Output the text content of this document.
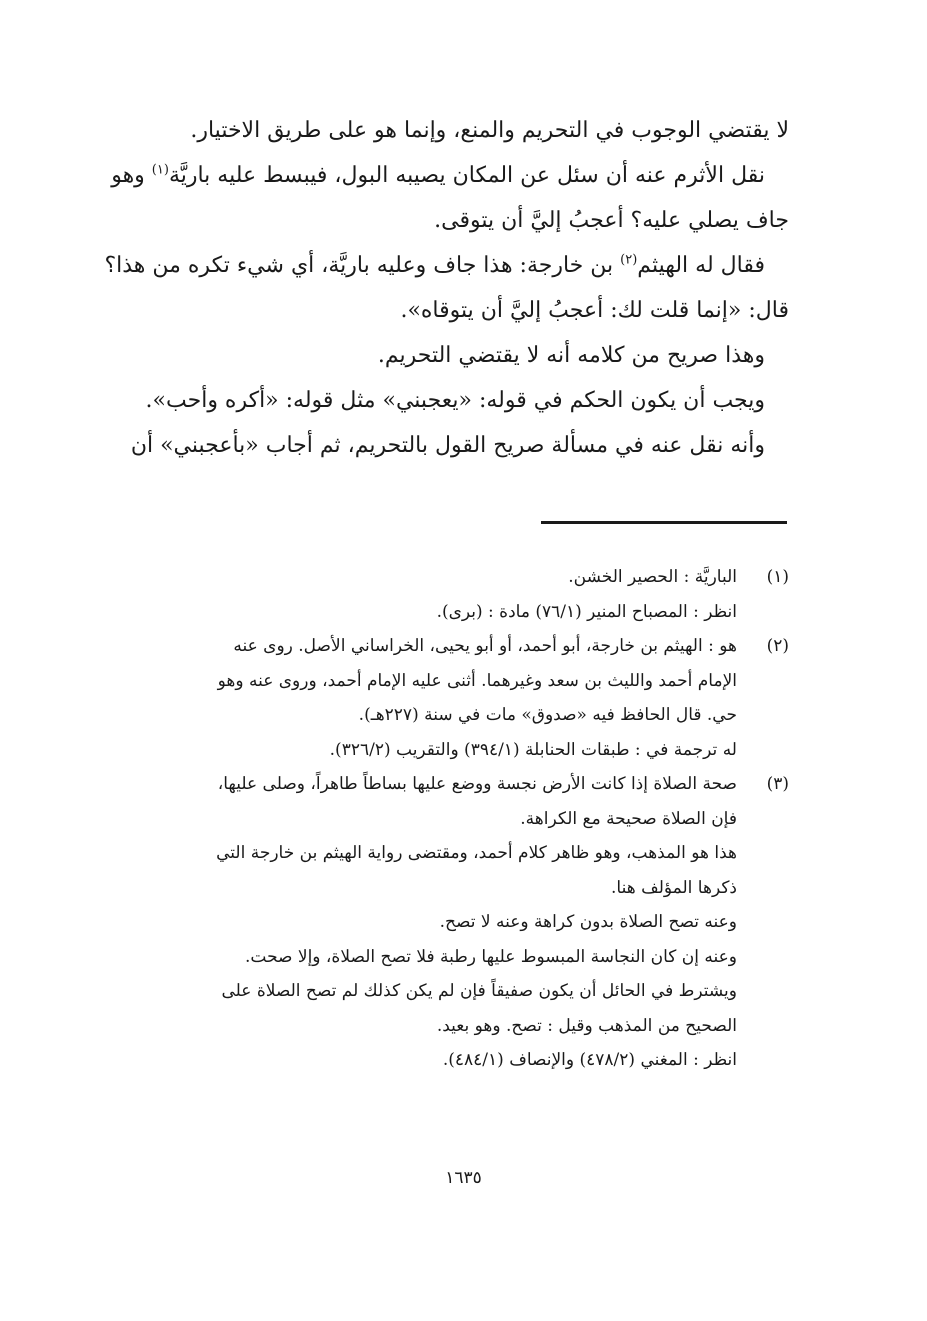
لا يقتضي الوجوب في التحريم والمنع، وإنما هو على طريق الاختيار.
نقل الأثرم عنه أن سئل عن المكان يصيبه البول، فيبسط عليه باريَّة$^{(١)}$ وهو
جاف يصلي عليه؟ أعجبُ إليَّ أن يتوقى.
فقال له الهيثم$^{(٢)}$ بن خارجة: هذا جاف وعليه باريَّة، أي شيء تكره من هذا؟
قال: «إنما قلت لك: أعجبُ إليَّ أن يتوقاه».
وهذا صريح من كلامه أنه لا يقتضي التحريم.
ويجب أن يكون الحكم في قوله: «يعجبني» مثل قوله: «أكره وأحب».
وأنه نقل عنه في مسألة صريح القول بالتحريم، ثم أجاب «بأعجبني» أن
(١)الباريَّة : الحصير الخشن.
انظر : المصباح المنير (٧٦/١) مادة : (برى).
(٢)هو : الهيثم بن خارجة، أبو أحمد، أو أبو يحيى، الخراساني الأصل. روى عنه
الإمام أحمد والليث بن سعد وغيرهما. أثنى عليه الإمام أحمد، وروى عنه وهو
حي. قال الحافظ فيه «صدوق» مات في سنة (٢٢٧هـ).
له ترجمة في : طبقات الحنابلة (٣٩٤/١) والتقريب (٣٢٦/٢).
(٣)صحة الصلاة إذا كانت الأرض نجسة ووضع عليها بساطاً طاهراً، وصلى عليها،
فإن الصلاة صحيحة مع الكراهة.
هذا هو المذهب، وهو ظاهر كلام أحمد، ومقتضى رواية الهيثم بن خارجة التي
ذكرها المؤلف هنا.
وعنه تصح الصلاة بدون كراهة وعنه لا تصح.
وعنه إن كان النجاسة المبسوط عليها رطبة فلا تصح الصلاة، وإلا صحت.
ويشترط في الحائل أن يكون صفيقاً فإن لم يكن كذلك لم تصح الصلاة على
الصحيح من المذهب وقيل : تصح. وهو بعيد.
انظر : المغني (٤٧٨/٢) والإنصاف (٤٨٤/١).
١٦٣٥
